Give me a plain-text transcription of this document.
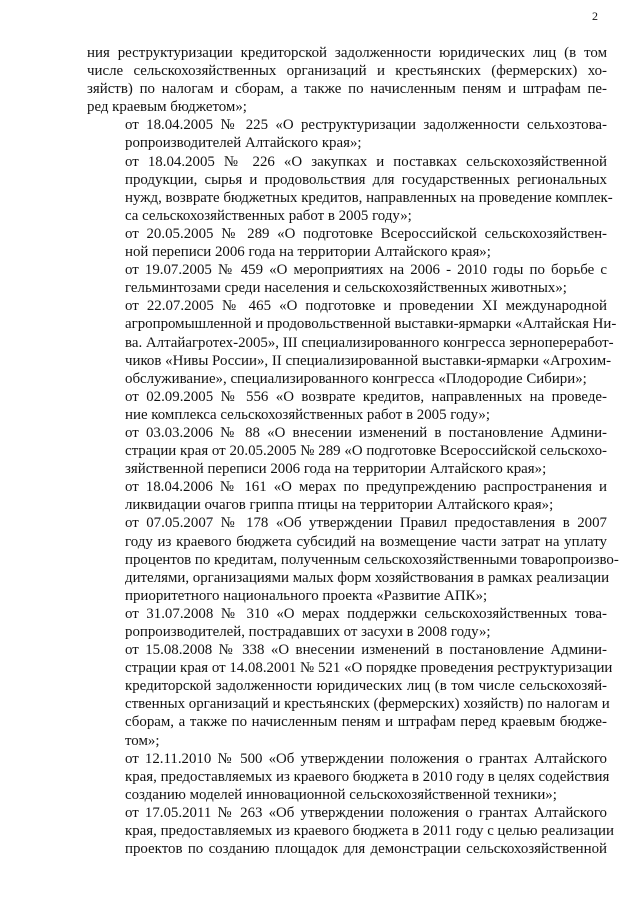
2

ния реструктуризации кредиторской задолженности юридических лиц (в том
числе сельскохозяйственных организаций и крестьянских (фермерских) хо-
зяйств) по налогам и сборам, а также по начисленным пеням и штрафам пе-
ред краевым бюджетом»;

от 18.04.2005 № 225 «О реструктуризации задолженности сельхозтова-
ропроизводителей Алтайского края»;

от 18.04.2005 № 226 «О закупках и поставках сельскохозяйственной
продукции, сырья и продовольствия для государственных региональных
нужд, возврате бюджетных кредитов, направленных на проведение комплек-
са сельскохозяйственных работ в 2005 году»;

от 20.05.2005 № 289 «О подготовке Всероссийской сельскохозяйствен-
ной переписи 2006 года на территории Алтайского края»;

от 19.07.2005 № 459 «О мероприятиях на 2006 - 2010 годы по борьбе с
гельминтозами среди населения и сельскохозяйственных животных»;

от 22.07.2005 № 465 «О подготовке и проведении XI международной
агропромышленной и продовольственной выставки-ярмарки «Алтайская Ни-
ва. Алтайагротех-2005», III специализированного конгресса зернопереработ-
чиков «Нивы России», II специализированной выставки-ярмарки «Агрохим-
обслуживание», специализированного конгресса «Плодородие Сибири»;

от 02.09.2005 № 556 «О возврате кредитов, направленных на проведе-
ние комплекса сельскохозяйственных работ в 2005 году»;

от 03.03.2006 № 88 «О внесении изменений в постановление Админи-
страции края от 20.05.2005 № 289 «О подготовке Всероссийской сельскохо-
зяйственной переписи 2006 года на территории Алтайского края»;

от 18.04.2006 № 161 «О мерах по предупреждению распространения и
ликвидации очагов гриппа птицы на территории Алтайского края»;

от 07.05.2007 № 178 «Об утверждении Правил предоставления в 2007
году из краевого бюджета субсидий на возмещение части затрат на уплату
процентов по кредитам, полученным сельскохозяйственными товаропроизво-
дителями, организациями малых форм хозяйствования в рамках реализации
приоритетного национального проекта «Развитие АПК»;

от 31.07.2008 № 310 «О мерах поддержки сельскохозяйственных това-
ропроизводителей, пострадавших от засухи в 2008 году»;

от 15.08.2008 № 338 «О внесении изменений в постановление Админи-
страции края от 14.08.2001 № 521 «О порядке проведения реструктуризации
кредиторской задолженности юридических лиц (в том числе сельскохозяй-
ственных организаций и крестьянских (фермерских) хозяйств) по налогам и
сборам, а также по начисленным пеням и штрафам перед краевым бюдже-
том»;

от 12.11.2010 № 500 «Об утверждении положения о грантах Алтайского
края, предоставляемых из краевого бюджета в 2010 году в целях содействия
созданию моделей инновационной сельскохозяйственной техники»;

от 17.05.2011 № 263 «Об утверждении положения о грантах Алтайского
края, предоставляемых из краевого бюджета в 2011 году с целью реализации
проектов по созданию площадок для демонстрации сельскохозяйственной
